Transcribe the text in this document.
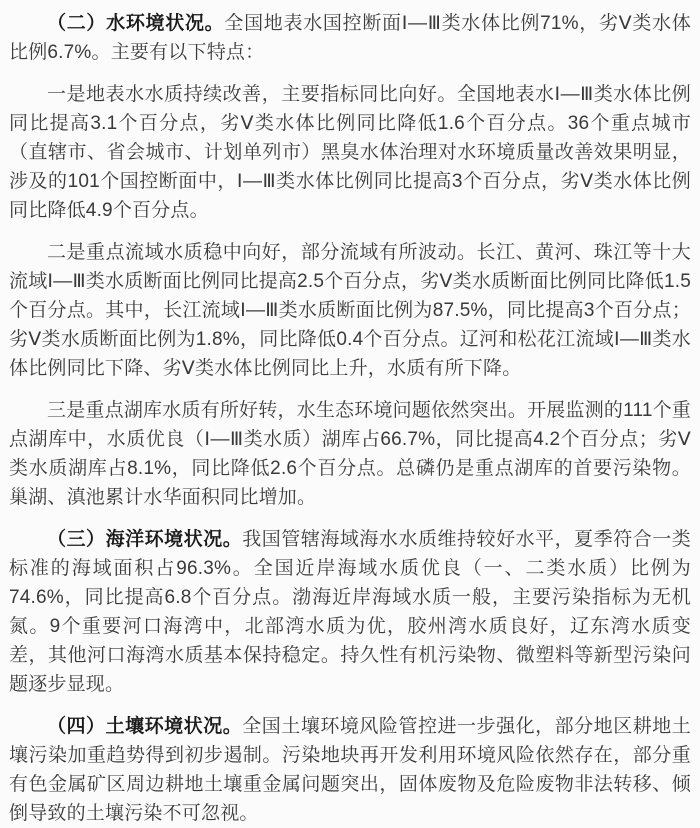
（二）水环境状况。全国地表水国控断面Ⅰ—Ⅲ类水体比例71%，劣Ⅴ类水体比例6.7%。主要有以下特点：

一是地表水水质持续改善，主要指标同比向好。全国地表水Ⅰ—Ⅲ类水体比例同比提高3.1个百分点，劣Ⅴ类水体比例同比降低1.6个百分点。36个重点城市（直辖市、省会城市、计划单列市）黑臭水体治理对水环境质量改善效果明显，涉及的101个国控断面中，Ⅰ—Ⅲ类水体比例同比提高3个百分点，劣Ⅴ类水体比例同比降低4.9个百分点。

二是重点流域水质稳中向好，部分流域有所波动。长江、黄河、珠江等十大流域Ⅰ—Ⅲ类水质断面比例同比提高2.5个百分点，劣Ⅴ类水质断面比例同比降低1.5个百分点。其中，长江流域Ⅰ—Ⅲ类水质断面比例为87.5%，同比提高3个百分点；劣Ⅴ类水质断面比例为1.8%，同比降低0.4个百分点。辽河和松花江流域Ⅰ—Ⅲ类水体比例同比下降、劣Ⅴ类水体比例同比上升，水质有所下降。

三是重点湖库水质有所好转，水生态环境问题依然突出。开展监测的111个重点湖库中，水质优良（Ⅰ—Ⅲ类水质）湖库占66.7%，同比提高4.2个百分点；劣Ⅴ类水质湖库占8.1%，同比降低2.6个百分点。总磷仍是重点湖库的首要污染物。巢湖、滇池累计水华面积同比增加。

（三）海洋环境状况。我国管辖海域海水水质维持较好水平，夏季符合一类标准的海域面积占96.3%。全国近岸海域水质优良（一、二类水质）比例为74.6%，同比提高6.8个百分点。渤海近岸海域水质一般，主要污染指标为无机氮。9个重要河口海湾中，北部湾水质为优，胶州湾水质良好，辽东湾水质变差，其他河口海湾水质基本保持稳定。持久性有机污染物、微塑料等新型污染问题逐步显现。

（四）土壤环境状况。全国土壤环境风险管控进一步强化，部分地区耕地土壤污染加重趋势得到初步遏制。污染地块再开发利用环境风险依然存在，部分重有色金属矿区周边耕地土壤重金属问题突出，固体废物及危险废物非法转移、倾倒导致的土壤污染不可忽视。
